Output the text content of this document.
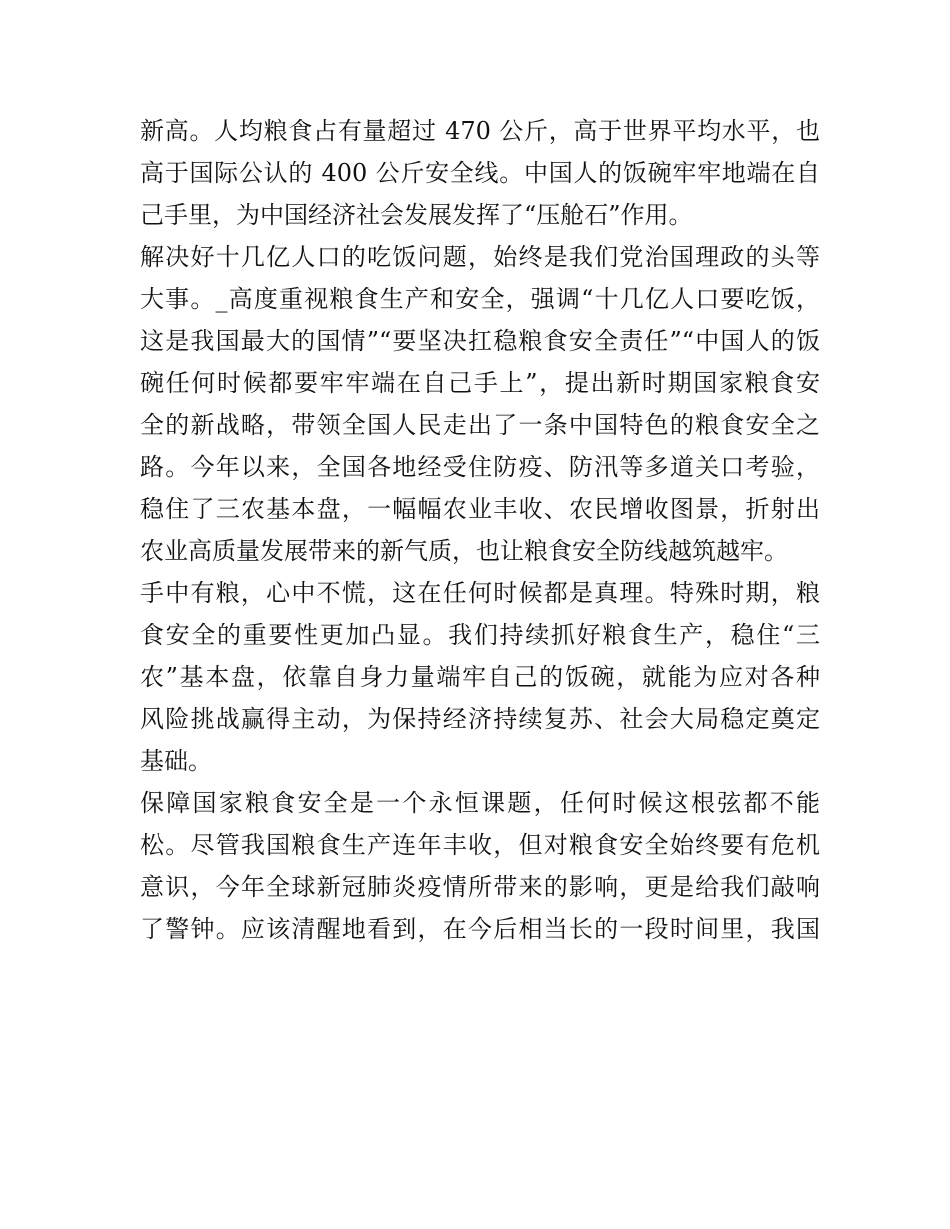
新高。人均粮食占有量超过 470 公斤，高于世界平均水平，也
高于国际公认的 400 公斤安全线。中国人的饭碗牢牢地端在自
己手里，为中国经济社会发展发挥了“压舱石”作用。
解决好十几亿人口的吃饭问题，始终是我们党治国理政的头等
大事。_高度重视粮食生产和安全，强调“十几亿人口要吃饭，
这是我国最大的国情”“要坚决扛稳粮食安全责任”“中国人的饭
碗任何时候都要牢牢端在自己手上”，提出新时期国家粮食安
全的新战略，带领全国人民走出了一条中国特色的粮食安全之
路。今年以来，全国各地经受住防疫、防汛等多道关口考验，
稳住了三农基本盘，一幅幅农业丰收、农民增收图景，折射出
农业高质量发展带来的新气质，也让粮食安全防线越筑越牢。
手中有粮，心中不慌，这在任何时候都是真理。特殊时期，粮
食安全的重要性更加凸显。我们持续抓好粮食生产，稳住“三
农”基本盘，依靠自身力量端牢自己的饭碗，就能为应对各种
风险挑战赢得主动，为保持经济持续复苏、社会大局稳定奠定
基础。
保障国家粮食安全是一个永恒课题，任何时候这根弦都不能
松。尽管我国粮食生产连年丰收，但对粮食安全始终要有危机
意识，今年全球新冠肺炎疫情所带来的影响，更是给我们敲响
了警钟。应该清醒地看到，在今后相当长的一段时间里，我国
